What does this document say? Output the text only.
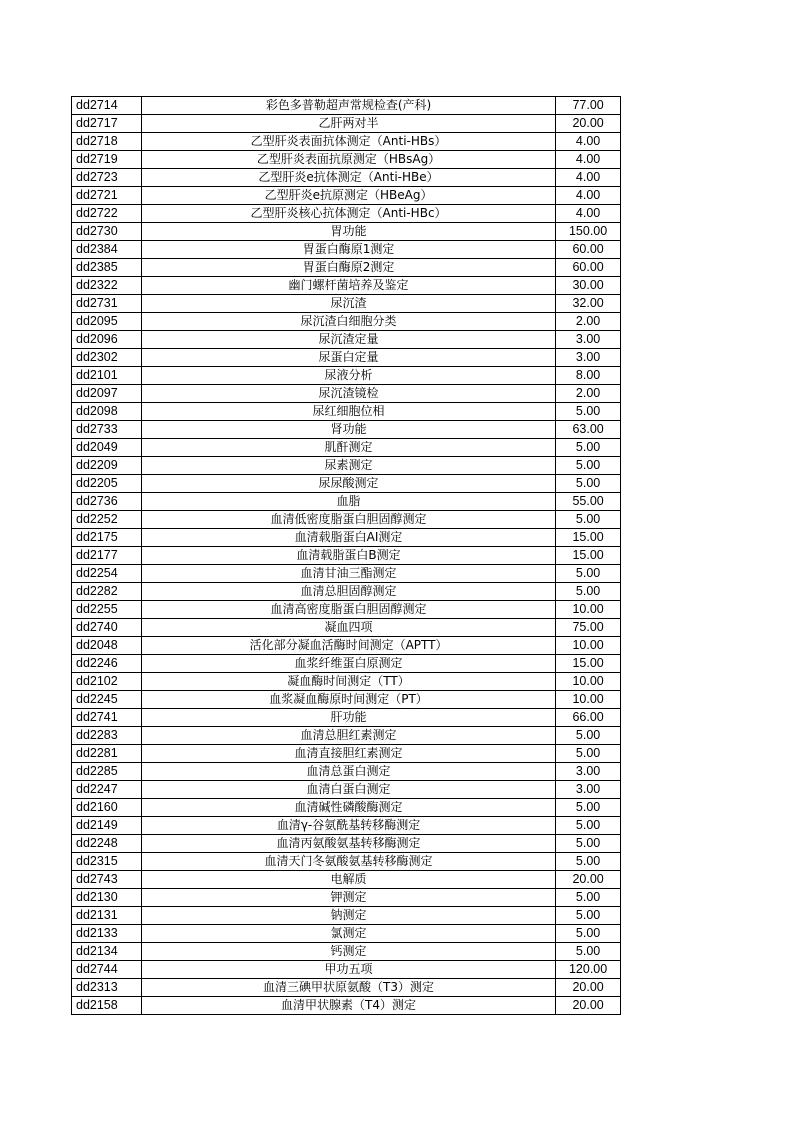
dd2714	彩色多普勒超声常规检查(产科)	77.00
dd2717	乙肝两对半	20.00
dd2718	乙型肝炎表面抗体测定（Anti-HBs）	4.00
dd2719	乙型肝炎表面抗原测定（HBsAg）	4.00
dd2723	乙型肝炎e抗体测定（Anti-HBe）	4.00
dd2721	乙型肝炎e抗原测定（HBeAg）	4.00
dd2722	乙型肝炎核心抗体测定（Anti-HBc）	4.00
dd2730	胃功能	150.00
dd2384	胃蛋白酶原1测定	60.00
dd2385	胃蛋白酶原2测定	60.00
dd2322	幽门螺杆菌培养及鉴定	30.00
dd2731	尿沉渣	32.00
dd2095	尿沉渣白细胞分类	2.00
dd2096	尿沉渣定量	3.00
dd2302	尿蛋白定量	3.00
dd2101	尿液分析	8.00
dd2097	尿沉渣镜检	2.00
dd2098	尿红细胞位相	5.00
dd2733	肾功能	63.00
dd2049	肌酐测定	5.00
dd2209	尿素测定	5.00
dd2205	尿尿酸测定	5.00
dd2736	血脂	55.00
dd2252	血清低密度脂蛋白胆固醇测定	5.00
dd2175	血清载脂蛋白AⅠ测定	15.00
dd2177	血清载脂蛋白B测定	15.00
dd2254	血清甘油三酯测定	5.00
dd2282	血清总胆固醇测定	5.00
dd2255	血清高密度脂蛋白胆固醇测定	10.00
dd2740	凝血四项	75.00
dd2048	活化部分凝血活酶时间测定（APTT）	10.00
dd2246	血浆纤维蛋白原测定	15.00
dd2102	凝血酶时间测定（TT）	10.00
dd2245	血浆凝血酶原时间测定（PT）	10.00
dd2741	肝功能	66.00
dd2283	血清总胆红素测定	5.00
dd2281	血清直接胆红素测定	5.00
dd2285	血清总蛋白测定	3.00
dd2247	血清白蛋白测定	3.00
dd2160	血清碱性磷酸酶测定	5.00
dd2149	血清γ-谷氨酰基转移酶测定	5.00
dd2248	血清丙氨酸氨基转移酶测定	5.00
dd2315	血清天门冬氨酸氨基转移酶测定	5.00
dd2743	电解质	20.00
dd2130	钾测定	5.00
dd2131	钠测定	5.00
dd2133	氯测定	5.00
dd2134	钙测定	5.00
dd2744	甲功五项	120.00
dd2313	血清三碘甲状原氨酸（T3）测定	20.00
dd2158	血清甲状腺素（T4）测定	20.00
